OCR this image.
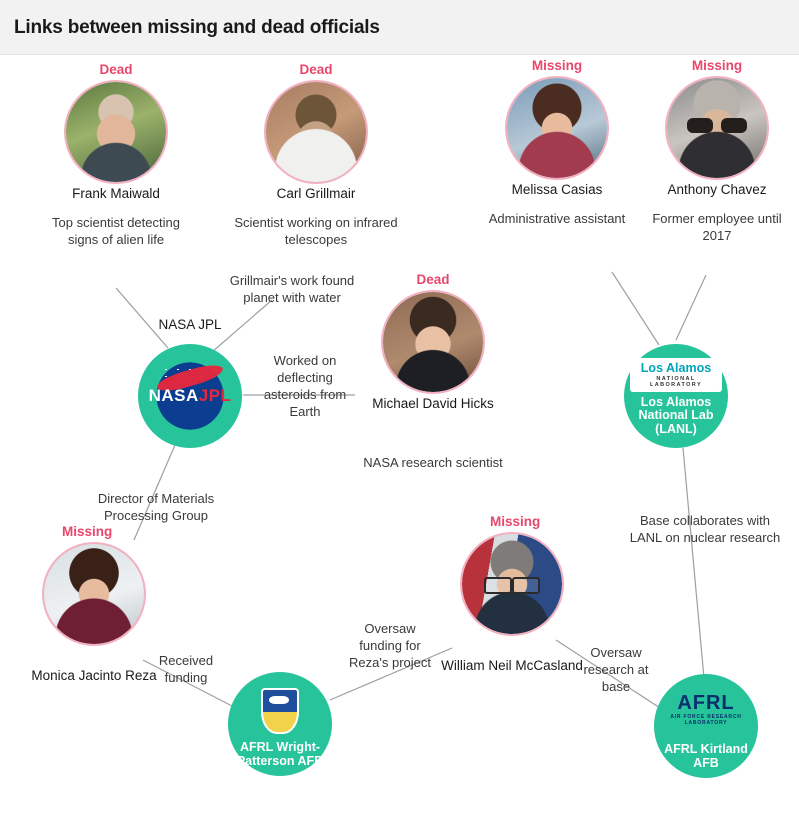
Links between missing and dead officials
Dead
Frank Maiwald
Top scientist detecting signs of alien life
Dead
Carl Grillmair
Scientist working on infrared telescopes
Missing
Melissa Casias
Administrative assistant
Missing
Anthony Chavez
Former employee until 2017
Dead
Michael David Hicks
NASA research scientist
Missing
Monica Jacinto Reza
Missing
William Neil McCasland
NASAJPL
NASA JPL
Los Alamos
NATIONAL LABORATORY
Los Alamos National Lab (LANL)
AFRL Wright-Patterson AFB
AFRL
AIR FORCE RESEARCH LABORATORY
AFRL Kirtland AFB
Grillmair's work found planet with water
Worked on deflecting asteroids from Earth
Director of Materials Processing Group
Received funding
Oversaw funding for Reza's project
Oversaw research at base
Base collaborates with LANL on nuclear research
